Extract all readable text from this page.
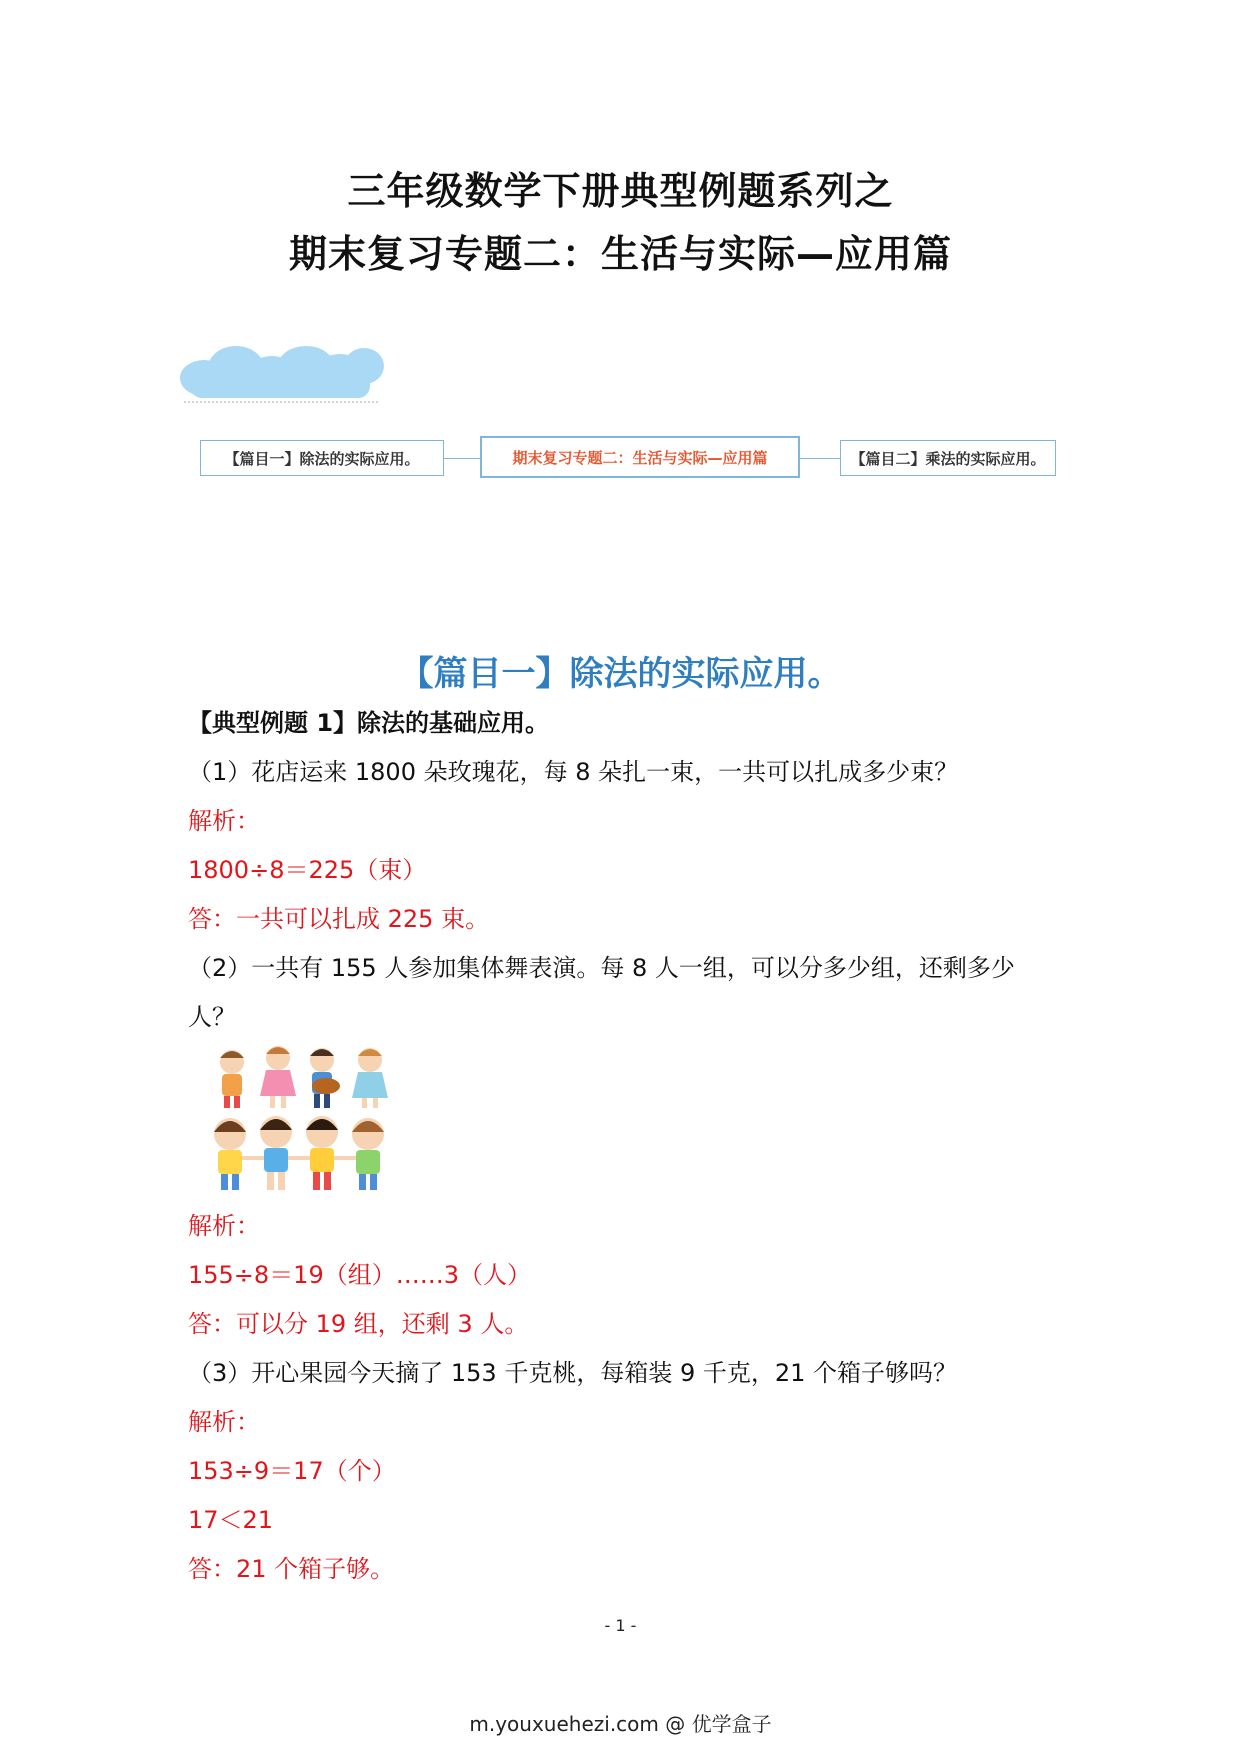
三年级数学下册典型例题系列之
期末复习专题二：生活与实际—应用篇
【篇目一】除法的实际应用。	期末复习专题二：生活与实际—应用篇	【篇目二】乘法的实际应用。
【篇目一】除法的实际应用。
【典型例题 1】除法的基础应用。
（1）花店运来 1800 朵玫瑰花，每 8 朵扎一束，一共可以扎成多少束？
解析：
1800÷8＝225（束）
答：一共可以扎成 225 束。
（2）一共有 155 人参加集体舞表演。每 8 人一组，可以分多少组，还剩多少
人？
解析：
155÷8＝19（组）……3（人）
答：可以分 19 组，还剩 3 人。
（3）开心果园今天摘了 153 千克桃，每箱装 9 千克，21 个箱子够吗？
解析：
153÷9＝17（个）
17＜21
答：21 个箱子够。
- 1 -
m.youxuehezi.com @ 优学盒子
